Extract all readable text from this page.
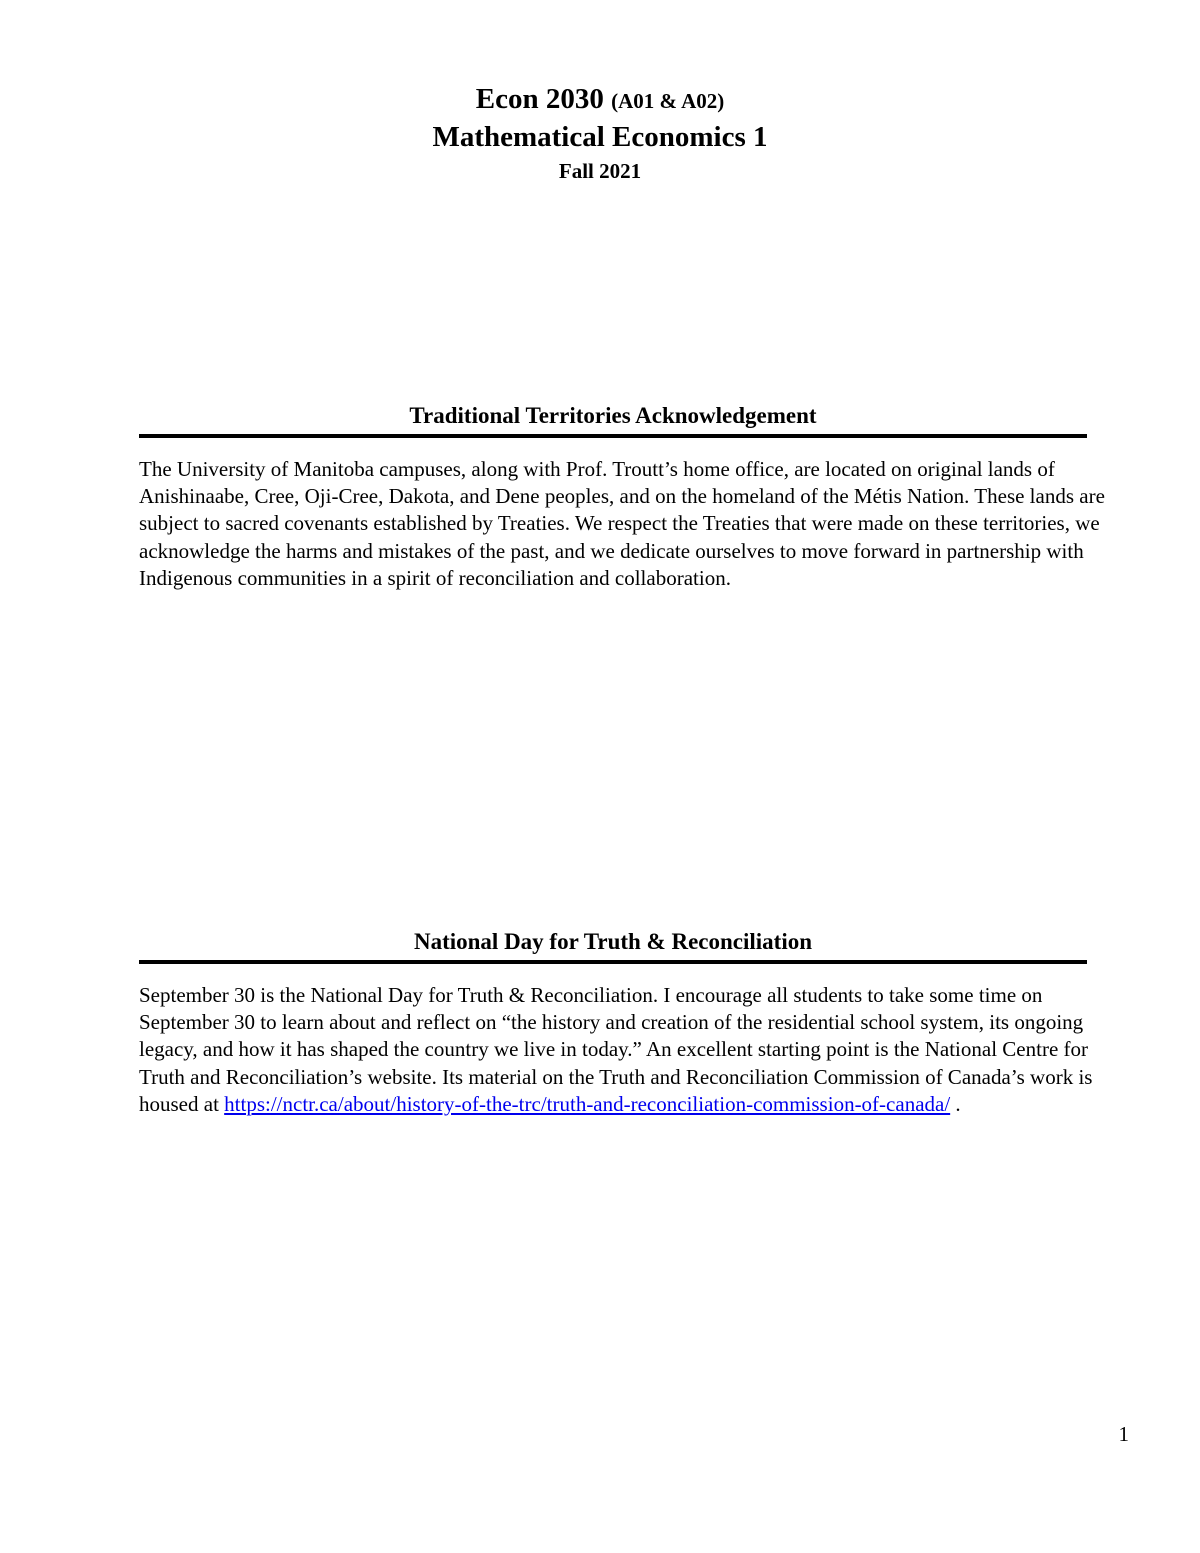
Econ 2030 (A01 & A02)
Mathematical Economics 1
Fall 2021
Traditional Territories Acknowledgement

The University of Manitoba campuses, along with Prof. Troutt’s home office, are located on original lands of Anishinaabe, Cree, Oji-Cree, Dakota, and Dene peoples, and on the homeland of the Métis Nation. These lands are subject to sacred covenants established by Treaties. We respect the Treaties that were made on these territories, we acknowledge the harms and mistakes of the past, and we dedicate ourselves to move forward in partnership with Indigenous communities in a spirit of reconciliation and collaboration.

National Day for Truth & Reconciliation

September 30 is the National Day for Truth & Reconciliation. I encourage all students to take some time on September 30 to learn about and reflect on “the history and creation of the residential school system, its ongoing legacy, and how it has shaped the country we live in today.” An excellent starting point is the National Centre for Truth and Reconciliation’s website. Its material on the Truth and Reconciliation Commission of Canada’s work is housed at https://nctr.ca/about/history-of-the-trc/truth-and-reconciliation-commission-of-canada/ .

1
